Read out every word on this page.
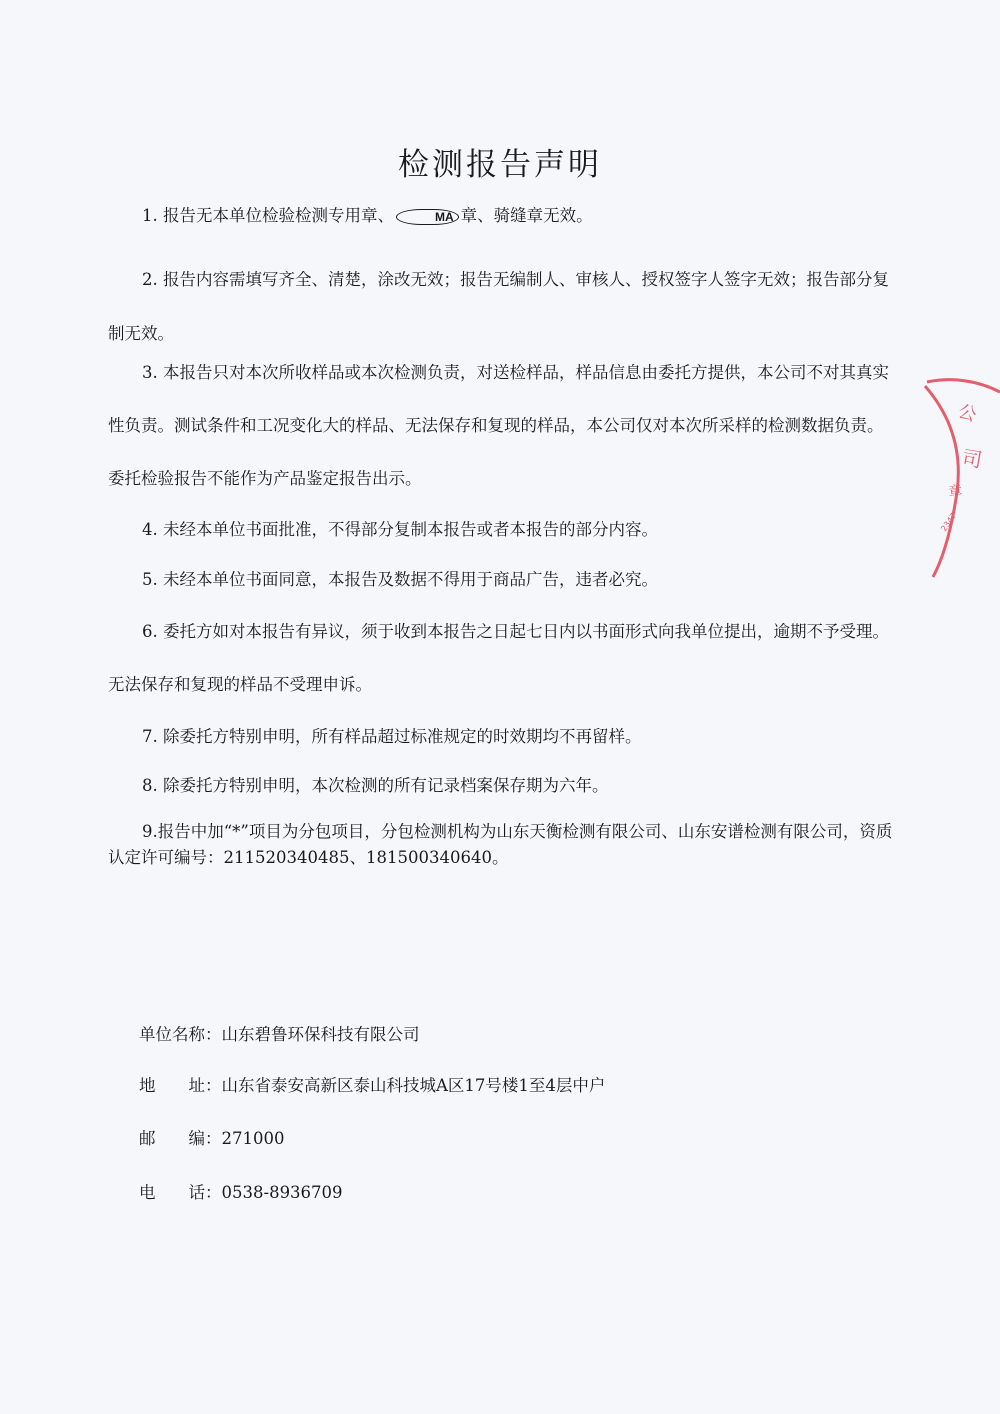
检测报告声明

1. 报告无本单位检验检测专用章、	MA 章、骑缝章无效。

2. 报告内容需填写齐全、清楚，涂改无效；报告无编制人、审核人、授权签字人签字无效；报告部分复制无效。

3. 本报告只对本次所收样品或本次检测负责，对送检样品，样品信息由委托方提供，本公司不对其真实性负责。测试条件和工况变化大的样品、无法保存和复现的样品，本公司仅对本次所采样的检测数据负责。委托检验报告不能作为产品鉴定报告出示。

4. 未经本单位书面批准，不得部分复制本报告或者本报告的部分内容。

5. 未经本单位书面同意，本报告及数据不得用于商品广告，违者必究。

6. 委托方如对本报告有异议，须于收到本报告之日起七日内以书面形式向我单位提出，逾期不予受理。无法保存和复现的样品不受理申诉。

7. 除委托方特别申明，所有样品超过标准规定的时效期均不再留样。

8. 除委托方特别申明，本次检测的所有记录档案保存期为六年。

9.报告中加“*”项目为分包项目，分包检测机构为山东天衡检测有限公司、山东安谱检测有限公司，资质认定许可编号：211520340485、181500340640。

单位名称：山东碧鲁环保科技有限公司
地　　址：山东省泰安高新区泰山科技城A区17号楼1至4层中户
邮　　编：271000
电　　话：0538-8936709
公
司
章
2347
